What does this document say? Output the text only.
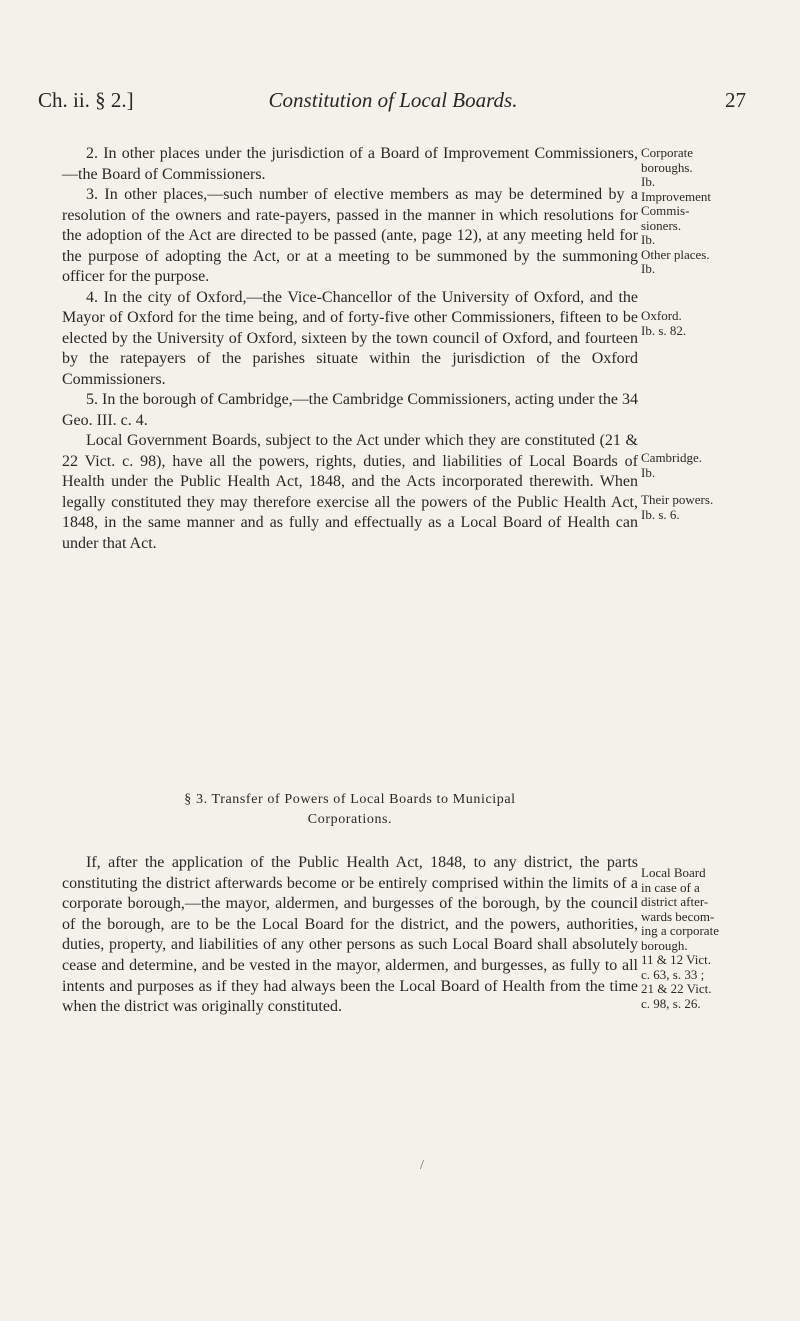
Ch. ii. § 2.]	Constitution of Local Boards.	27

2. In other places under the jurisdiction of a Board of Improvement Commissioners,—the Board of Commissioners.

3. In other places,—such number of elective members as may be determined by a resolution of the owners and rate-payers, passed in the manner in which resolutions for the adoption of the Act are directed to be passed (ante, page 12), at any meeting held for the purpose of adopting the Act, or at a meeting to be summoned by the summoning officer for the purpose.

4. In the city of Oxford,—the Vice-Chancellor of the University of Oxford, and the Mayor of Oxford for the time being, and of forty-five other Commissioners, fifteen to be elected by the University of Oxford, sixteen by the town council of Oxford, and fourteen by the ratepayers of the parishes situate within the jurisdiction of the Oxford Commissioners.

5. In the borough of Cambridge,—the Cambridge Commissioners, acting under the 34 Geo. III. c. 4.

Local Government Boards, subject to the Act under which they are constituted (21 & 22 Vict. c. 98), have all the powers, rights, duties, and liabilities of Local Boards of Health under the Public Health Act, 1848, and the Acts incorporated therewith. When legally constituted they may therefore exercise all the powers of the Public Health Act, 1848, in the same manner and as fully and effectually as a Local Board of Health can under that Act.

§ 3. Transfer of Powers of Local Boards to Municipal
Corporations.

If, after the application of the Public Health Act, 1848, to any district, the parts constituting the district afterwards become or be entirely comprised within the limits of a corporate borough,—the mayor, aldermen, and burgesses of the borough, by the council of the borough, are to be the Local Board for the district, and the powers, authorities, duties, property, and liabilities of any other persons as such Local Board shall absolutely cease and determine, and be vested in the mayor, aldermen, and burgesses, as fully to all intents and purposes as if they had always been the Local Board of Health from the time when the district was originally constituted.

Corporate
boroughs.
Ib.
Improvement
Commis-
sioners.
Ib.
Other places.
Ib.
Oxford.
Ib. s. 82.
Cambridge.
Ib.
Their powers.
Ib. s. 6.
Local Board
in case of a
district after-
wards becom-
ing a corporate
borough.
11 & 12 Vict.
c. 63, s. 33 ;
21 & 22 Vict.
c. 98, s. 26.
/
